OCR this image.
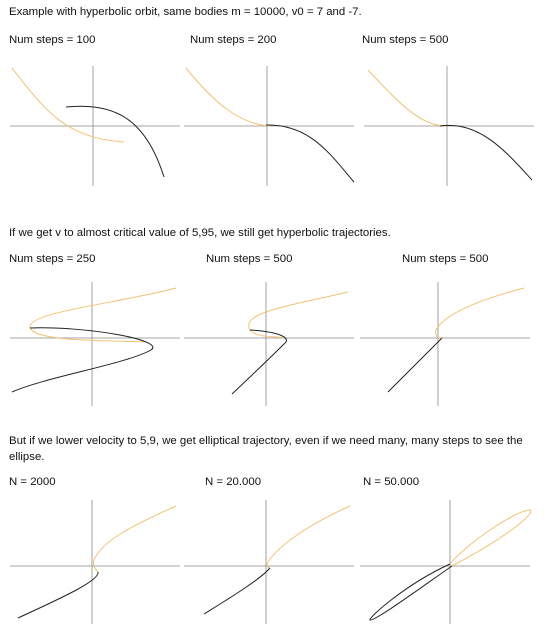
Example with hyperbolic orbit, same bodies m = 10000, v0 = 7 and -7.
Num steps = 100	Num steps = 200	Num steps = 500
If we get v to almost critical value of 5,95, we still get hyperbolic trajectories.
Num steps = 250	Num steps = 500	Num steps = 500
But if we lower velocity to 5,9, we get elliptical trajectory, even if we need many, many steps to see the ellipse.
N = 2000	N = 20.000	N = 50.000
